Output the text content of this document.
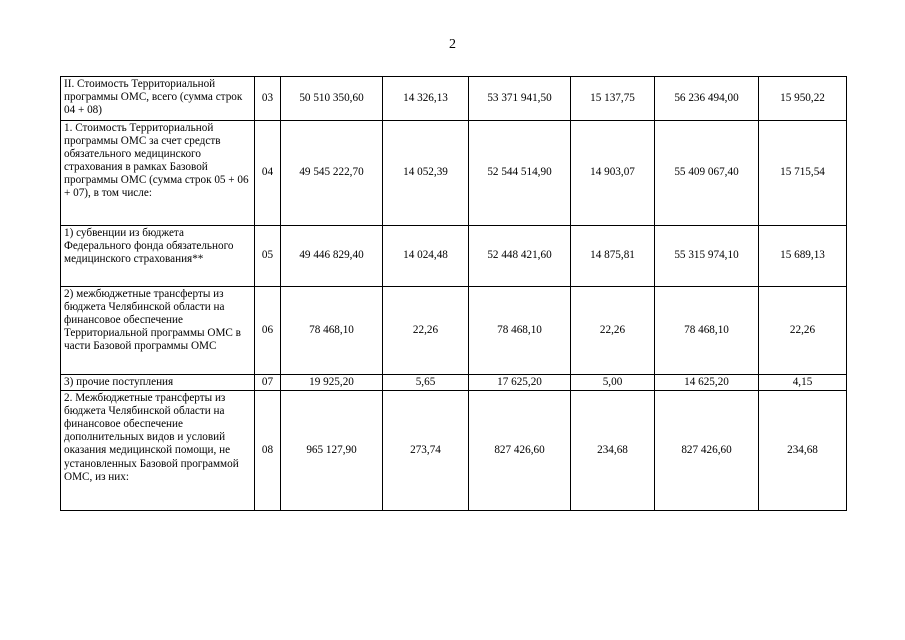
2
II. Стоимость Территориальной программы ОМС, всего (сумма строк 04 + 08)	03	50 510 350,60	14 326,13	53 371 941,50	15 137,75	56 236 494,00	15 950,22
1. Стоимость Территориальной программы ОМС за счет средств обязательного медицинского страхования в рамках Базовой программы ОМС (сумма строк 05 + 06 + 07), в том числе:	04	49 545 222,70	14 052,39	52 544 514,90	14 903,07	55 409 067,40	15 715,54
1) субвенции из бюджета Федерального фонда обязательного медицинского страхования**	05	49 446 829,40	14 024,48	52 448 421,60	14 875,81	55 315 974,10	15 689,13
2) межбюджетные трансферты из бюджета Челябинской области на финансовое обеспечение Территориальной программы ОМС в части Базовой программы ОМС	06	78 468,10	22,26	78 468,10	22,26	78 468,10	22,26
3) прочие поступления	07	19 925,20	5,65	17 625,20	5,00	14 625,20	4,15
2. Межбюджетные трансферты из бюджета Челябинской области на финансовое обеспечение дополнительных видов и условий оказания медицинской помощи, не установленных Базовой программой ОМС, из них:	08	965 127,90	273,74	827 426,60	234,68	827 426,60	234,68
